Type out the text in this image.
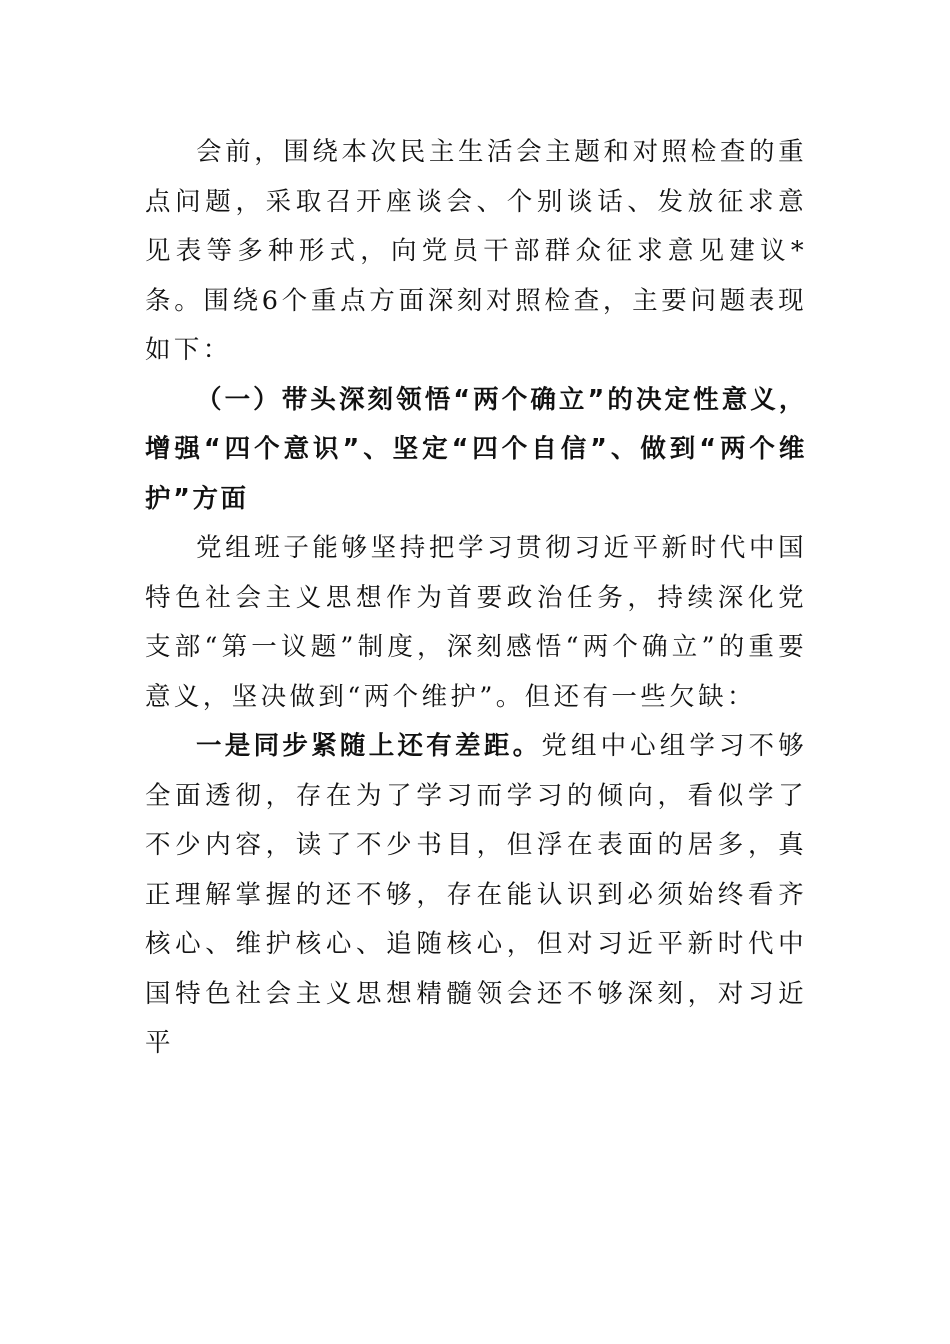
会前，围绕本次民主生活会主题和对照检查的重点问题，采取召开座谈会、个别谈话、发放征求意见表等多种形式，向党员干部群众征求意见建议*条。围绕6个重点方面深刻对照检查，主要问题表现如下：

（一）带头深刻领悟“两个确立”的决定性意义，增强“四个意识”、坚定“四个自信”、做到“两个维护”方面

党组班子能够坚持把学习贯彻习近平新时代中国特色社会主义思想作为首要政治任务，持续深化党支部“第一议题”制度，深刻感悟“两个确立”的重要意义，坚决做到“两个维护”。但还有一些欠缺：

一是同步紧随上还有差距。党组中心组学习不够全面透彻，存在为了学习而学习的倾向，看似学了不少内容，读了不少书目，但浮在表面的居多，真正理解掌握的还不够，存在能认识到必须始终看齐核心、维护核心、追随核心，但对习近平新时代中国特色社会主义思想精髓领会还不够深刻，对习近平
